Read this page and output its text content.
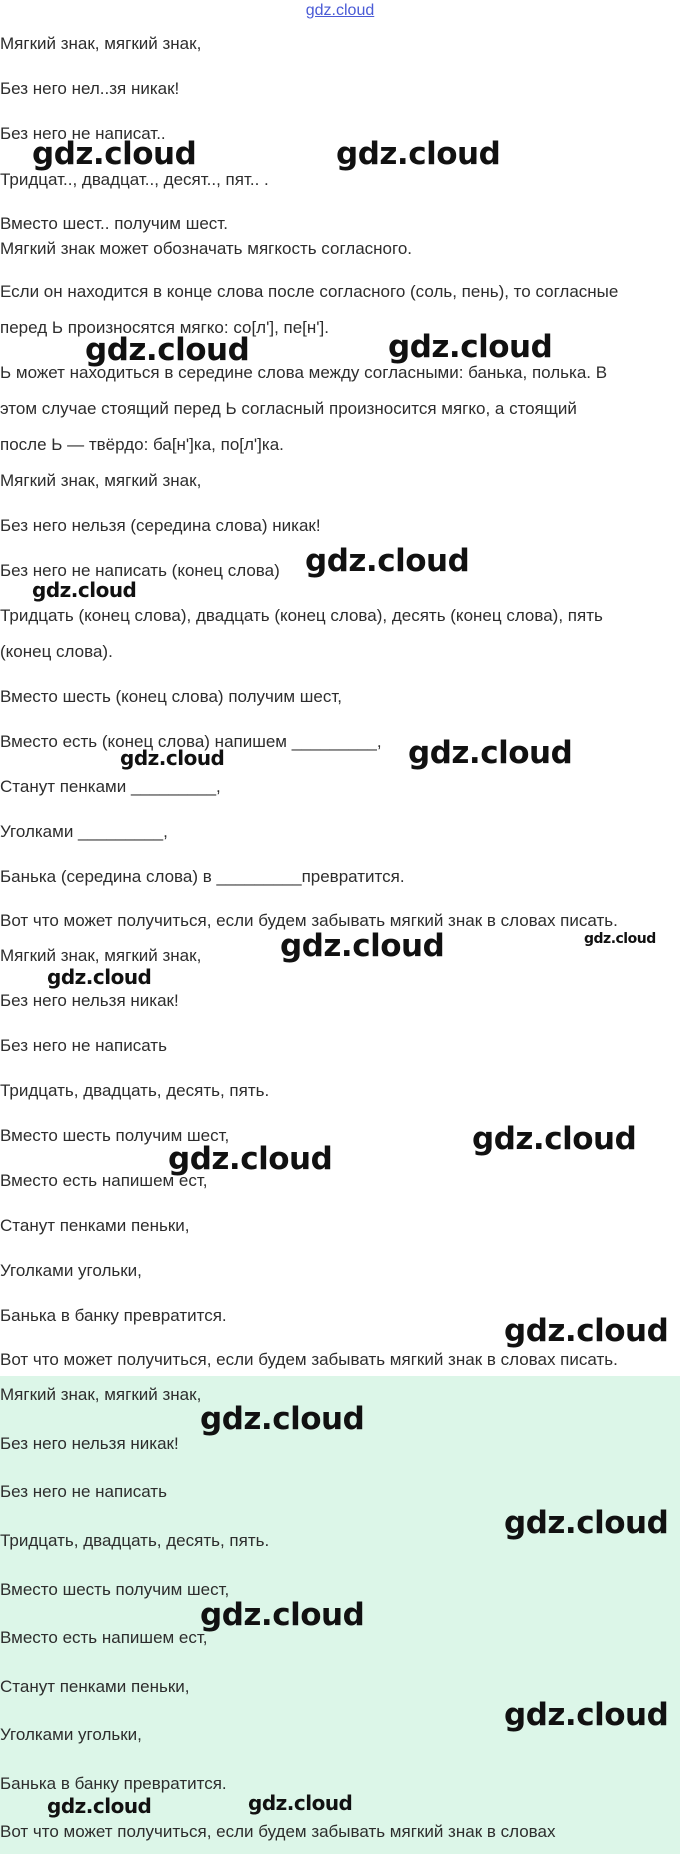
gdz.cloud
Мягкий знак, мягкий знак,
Без него нел..зя никак!
Без него не написат..
Тридцат.., двадцат.., десят.., пят.. .
Вместо шест.. получим шест.
Мягкий знак может обозначать мягкость согласного.
Если он находится в конце слова после согласного (соль, пень), то согласные
перед Ь произносятся мягко: со[л'], пе[н'].
Ь может находиться в середине слова между согласными: банька, полька. В
этом случае стоящий перед Ь согласный произносится мягко, а стоящий
после Ь — твёрдо: ба[н']ка, по[л']ка.
Мягкий знак, мягкий знак,
Без него нельзя (середина слова) никак!
Без него не написать (конец слова)
Тридцать (конец слова), двадцать (конец слова), десять (конец слова), пять
(конец слова).
Вместо шесть (конец слова) получим шест,
Вместо есть (конец слова) напишем _________,
Станут пенками _________,
Уголками _________,
Банька (середина слова) в _________превратится.
Вот что может получиться, если будем забывать мягкий знак в словах писать.
Мягкий знак, мягкий знак,
Без него нельзя никак!
Без него не написать
Тридцать, двадцать, десять, пять.
Вместо шесть получим шест,
Вместо есть напишем ест,
Станут пенками пеньки,
Уголками угольки,
Банька в банку превратится.
Вот что может получиться, если будем забывать мягкий знак в словах писать.
Мягкий знак, мягкий знак,
Без него нельзя никак!
Без него не написать
Тридцать, двадцать, десять, пять.
Вместо шесть получим шест,
Вместо есть напишем ест,
Станут пенками пеньки,
Уголками угольки,
Банька в банку превратится.
Вот что может получиться, если будем забывать мягкий знак в словах
gdz.cloud	gdz.cloud
gdz.cloud	gdz.cloud
gdz.cloud
gdz.cloud
gdz.cloud	gdz.cloud
gdz.cloud	gdz.cloud
gdz.cloud
gdz.cloud
gdz.cloud
gdz.cloud
gdz.cloud
gdz.cloud
gdz.cloud
gdz.cloud
gdz.cloud	gdz.cloud
